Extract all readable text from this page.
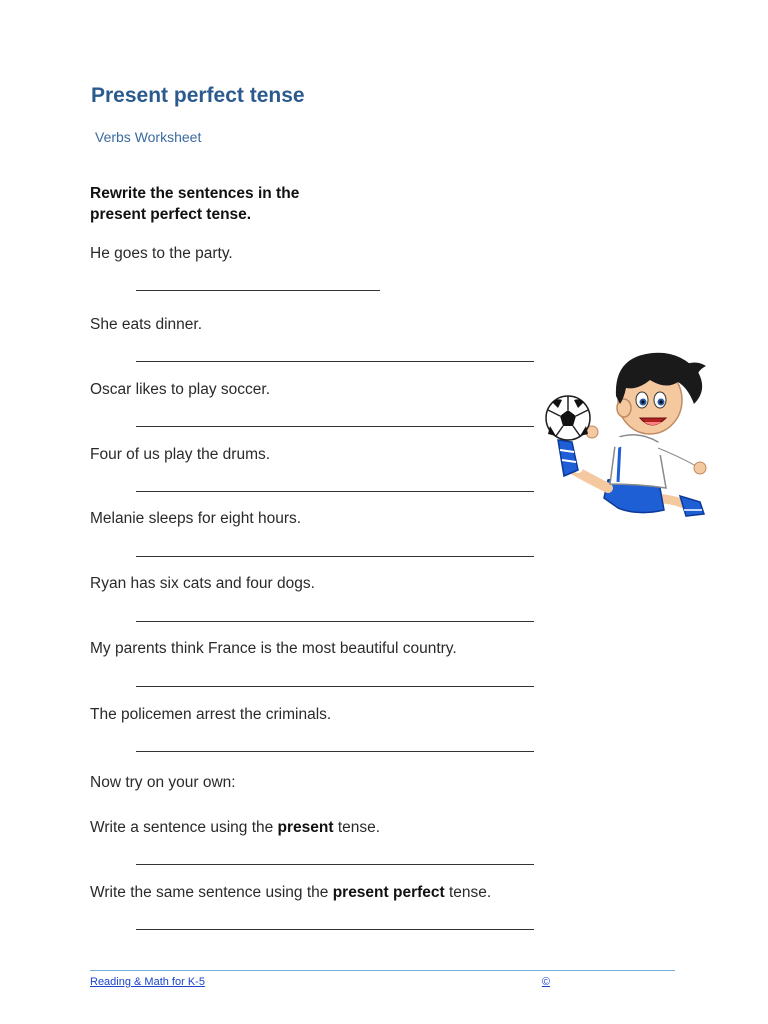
Present perfect tense
Verbs Worksheet
Rewrite the sentences in the
present perfect tense.
He goes to the party.
She eats dinner.
Oscar likes to play soccer.
Four of us play the drums.
Melanie sleeps for eight hours.
Ryan has six cats and four dogs.
My parents think France is the most beautiful country.
The policemen arrest the criminals.
Now try on your own:
Write a sentence using the present tense.
Write the same sentence using the present perfect tense.
Reading & Math for K-5	©
